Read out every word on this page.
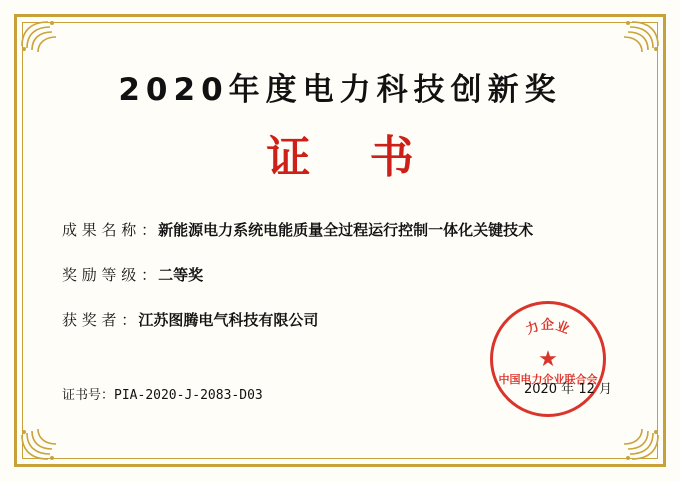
2020年度电力科技创新奖
证 书
成 果 名 称 ： 新能源电力系统电能质量全过程运行控制一体化关键技术
奖 励 等 级 ： 二等奖
获 奖 者 ： 江苏图腾电气科技有限公司
证书号：PIA-2020-J-2083-D03	2020 年 12 月
力企业
★
中国电力企业联合会
